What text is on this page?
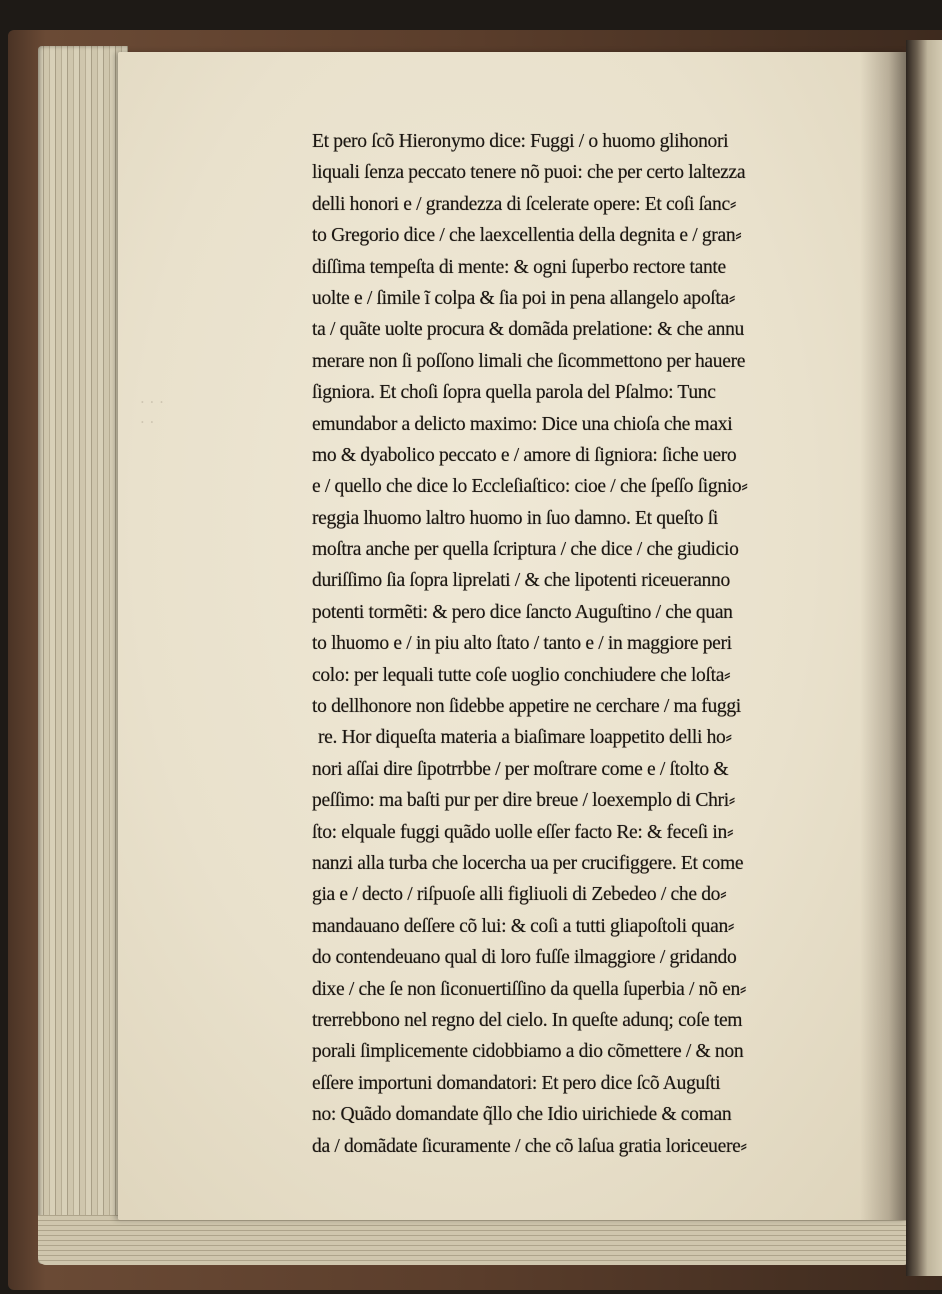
· · ·
· ·
Et pero ſcõ Hieronymo dice: Fuggi / o huomo glihonori
liquali ſenza peccato tenere nõ puoi: che per certo laltezza
delli honori e / grandezza di ſcelerate opere: Et coſi ſanc⸗
to Gregorio dice / che laexcellentia della degnita e / gran⸗
diſſima tempeſta di mente: & ogni ſuperbo rectore tante
uolte e / ſimile ĩ colpa & ſia poi in pena allangelo apoſta⸗
ta / quãte uolte procura & domãda prelatione: & che annu
merare non ſi poſſono limali che ſicommettono per hauere
ſigniora. Et choſi ſopra quella parola del Pſalmo: Tunc
emundabor a delicto maximo: Dice una chioſa che maxi
mo & dyabolico peccato e / amore di ſigniora: ſiche uero
e / quello che dice lo Eccleſiaſtico: cioe / che ſpeſſo ſignio⸗
reggia lhuomo laltro huomo in ſuo damno. Et queſto ſi
moſtra anche per quella ſcriptura / che dice / che giudicio
duriſſimo ſia ſopra liprelati / & che lipotenti riceueranno
potenti tormẽti: & pero dice ſancto Auguſtino / che quan
to lhuomo e / in piu alto ſtato / tanto e / in maggiore peri
colo: per lequali tutte coſe uoglio conchiudere che loſta⸗
to dellhonore non ſidebbe appetire ne cerchare / ma fuggi
re. Hor diqueſta materia a biaſimare loappetito delli ho⸗
nori aſſai dire ſipotrrbbe / per moſtrare come e / ſtolto &
peſſimo: ma baſti pur per dire breue / loexemplo di Chri⸗
ſto: elquale fuggi quãdo uolle eſſer facto Re: & feceſi in⸗
nanzi alla turba che locercha ua per crucifiggere. Et come
gia e / decto / riſpuoſe alli figliuoli di Zebedeo / che do⸗
mandauano deſſere cõ lui: & coſi a tutti gliapoſtoli quan⸗
do contendeuano qual di loro fuſſe ilmaggiore / gridando
dixe / che ſe non ſiconuertiſſino da quella ſuperbia / nõ en⸗
trerrebbono nel regno del cielo. In queſte adunq; coſe tem
porali ſimplicemente cidobbiamo a dio cõmettere / & non
eſſere importuni domandatori: Et pero dice ſcõ Auguſti
no: Quãdo domandate q̃llo che Idio uirichiede & coman
da / domãdate ſicuramente / che cõ laſua gratia loriceuere⸗
